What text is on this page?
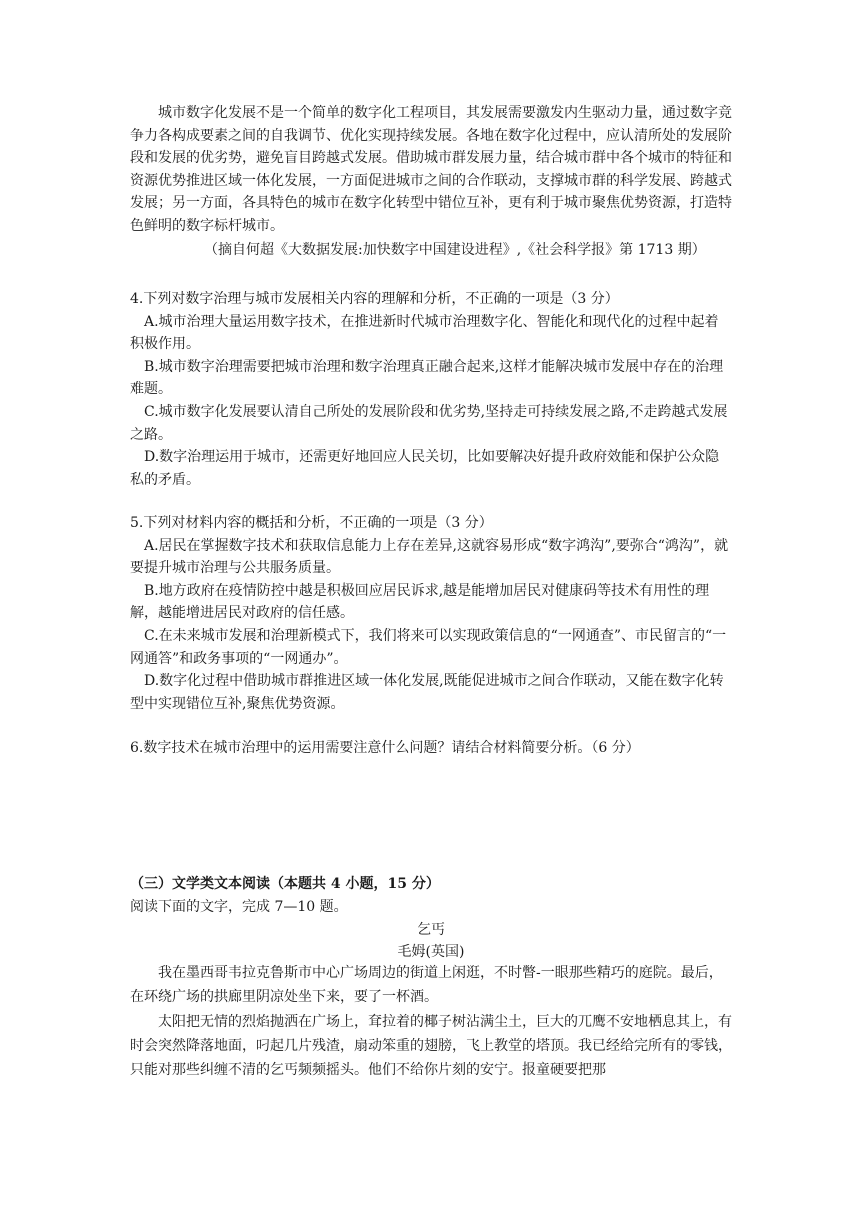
城市数字化发展不是一个简单的数字化工程项目，其发展需要激发内生驱动力量，通过数字竞争力各构成要素之间的自我调节、优化实现持续发展。各地在数字化过程中，应认清所处的发展阶段和发展的优劣势，避免盲目跨越式发展。借助城市群发展力量，结合城市群中各个城市的特征和资源优势推进区域一体化发展，一方面促进城市之间的合作联动，支撑城市群的科学发展、跨越式发展；另一方面，各具特色的城市在数字化转型中错位互补，更有利于城市聚焦优势资源，打造特色鲜明的数字标杆城市。

（摘自何超《大数据发展:加快数字中国建设进程》,《社会科学报》第 1713 期）

4.下列对数字治理与城市发展相关内容的理解和分析，不正确的一项是（3 分）

A.城市治理大量运用数字技术，在推进新时代城市治理数字化、智能化和现代化的过程中起着积极作用。

B.城市数字治理需要把城市治理和数字治理真正融合起来,这样才能解决城市发展中存在的治理难题。

C.城市数字化发展要认清自己所处的发展阶段和优劣势,坚持走可持续发展之路,不走跨越式发展之路。

D.数字治理运用于城市，还需更好地回应人民关切，比如要解决好提升政府效能和保护公众隐私的矛盾。

5.下列对材料内容的概括和分析，不正确的一项是（3 分）

A.居民在掌握数字技术和获取信息能力上存在差异,这就容易形成“数字鸿沟”,要弥合“鸿沟”，就要提升城市治理与公共服务质量。

B.地方政府在疫情防控中越是积极回应居民诉求,越是能增加居民对健康码等技术有用性的理解，越能增进居民对政府的信任感。

C.在未来城市发展和治理新模式下，我们将来可以实现政策信息的“一网通查”、市民留言的“一网通答”和政务事项的“一网通办”。

D.数字化过程中借助城市群推进区域一体化发展,既能促进城市之间合作联动，又能在数字化转型中实现错位互补,聚焦优势资源。

6.数字技术在城市治理中的运用需要注意什么问题？请结合材料简要分析。（6 分）

（三）文学类文本阅读（本题共 4 小题，15 分）

阅读下面的文字，完成 7—10 题。

乞丐

毛姆(英国)

我在墨西哥韦拉克鲁斯市中心广场周边的街道上闲逛，不时瞥-一眼那些精巧的庭院。最后，在环绕广场的拱廊里阴凉处坐下来，要了一杯酒。

太阳把无情的烈焰抛洒在广场上，耷拉着的椰子树沾满尘土，巨大的兀鹰不安地栖息其上，有时会突然降落地面，叼起几片残渣，扇动笨重的翅膀，飞上教堂的塔顶。我已经给完所有的零钱，只能对那些纠缠不清的乞丐频频摇头。他们不给你片刻的安宁。报童硬要把那
